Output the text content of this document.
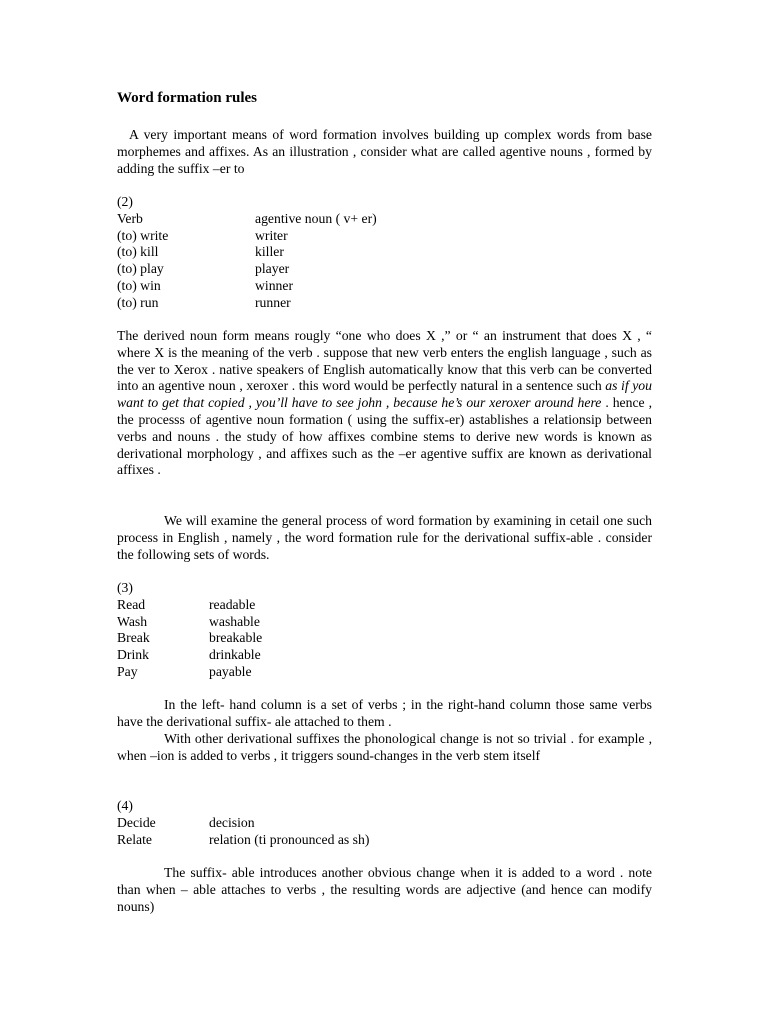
Word formation rules

A very important means of word formation involves building up complex words from base morphemes and affixes. As an illustration , consider what are called agentive nouns , formed by adding the suffix –er to

(2)
Verb	agentive noun ( v+ er)
(to) write	writer
(to) kill	killer
(to) play	player
(to) win	winner
(to) run	runner

The derived noun form means rougly “one who does X ,” or “ an instrument that does X , “ where X is the meaning of the verb . suppose that new verb enters the english language , such as the ver to Xerox . native speakers of English automatically know that this verb can be converted into an agentive noun , xeroxer . this word would be perfectly natural in a sentence such as if you want to get that copied , you’ll have to see john , because he’s our xeroxer around here . hence , the processs of agentive noun formation ( using the suffix-er) astablishes a relationsip between verbs and nouns . the study of how affixes combine stems to derive new words is known as derivational morphology , and affixes such as the –er agentive suffix are known as derivational affixes .

We will examine the general process of word formation by examining in cetail one such process in English , namely , the word formation rule for the derivational suffix-able . consider the following sets of words.

(3)
Read	readable
Wash	washable
Break	breakable
Drink	drinkable
Pay	payable

In the left- hand column is a set of verbs ; in the right-hand column those same verbs have the derivational suffix- ale attached to them .

With other derivational suffixes the phonological change is not so trivial . for example , when –ion is added to verbs , it triggers sound-changes in the verb stem itself

(4)
Decide	decision
Relate	relation (ti pronounced as sh)

The suffix- able introduces another obvious change when it is added to a word . note than when – able attaches to verbs , the resulting words are adjective (and hence can modify nouns)
